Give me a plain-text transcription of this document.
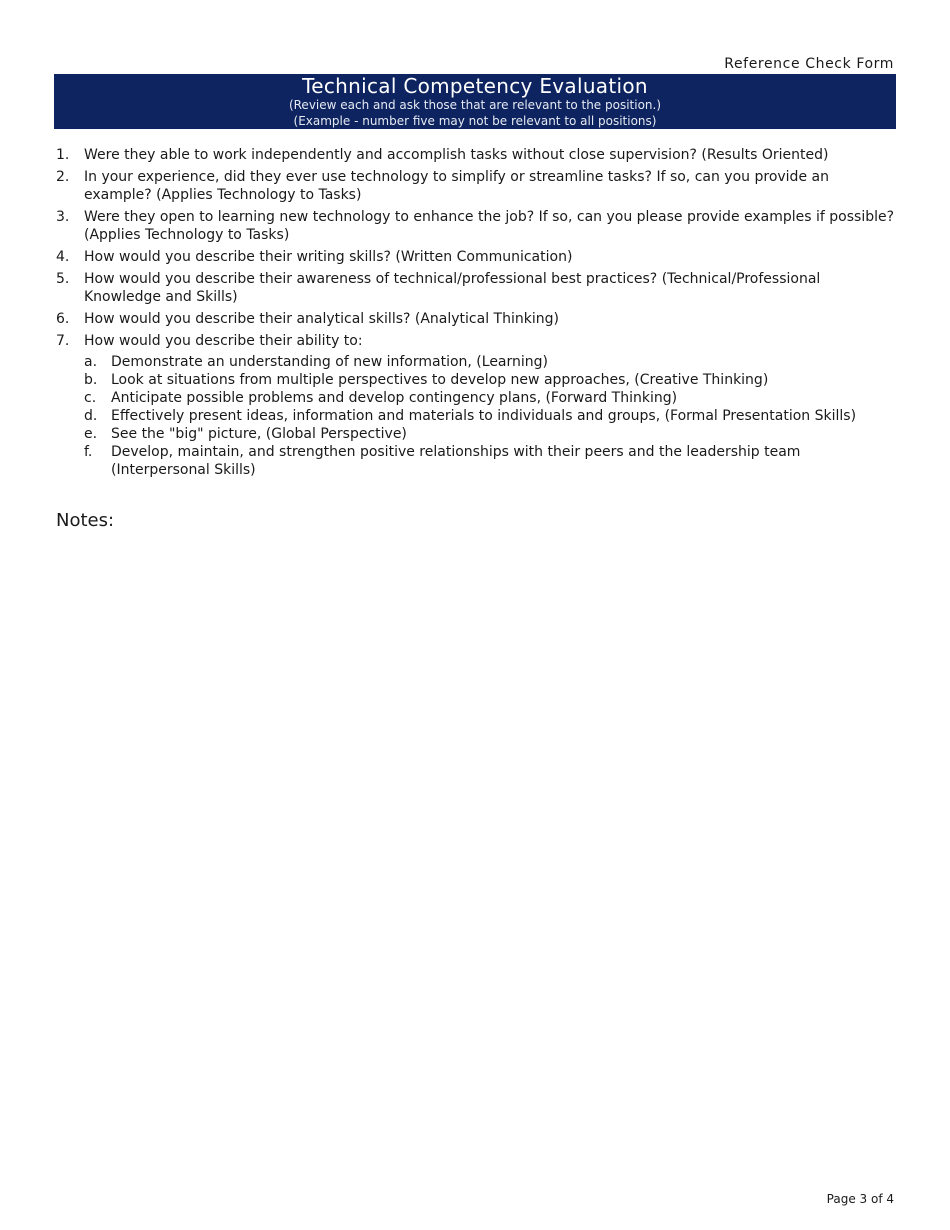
Reference Check Form
Technical Competency Evaluation
(Review each and ask those that are relevant to the position.)
(Example - number five may not be relevant to all positions)
1.	Were they able to work independently and accomplish tasks without close supervision? (Results Oriented)
2.	In your experience, did they ever use technology to simplify or streamline tasks? If so, can you provide an example? (Applies Technology to Tasks)
3.	Were they open to learning new technology to enhance the job? If so, can you please provide examples if possible? (Applies Technology to Tasks)
4.	How would you describe their writing skills? (Written Communication)
5.	How would you describe their awareness of technical/professional best practices? (Technical/Professional Knowledge and Skills)
6.	How would you describe their analytical skills? (Analytical Thinking)
7.	How would you describe their ability to:
a. Demonstrate an understanding of new information, (Learning)
b. Look at situations from multiple perspectives to develop new approaches, (Creative Thinking)
c.	Anticipate possible problems and develop contingency plans, (Forward Thinking)
d. Effectively present ideas, information and materials to individuals and groups, (Formal Presentation Skills)
e. See the "big" picture, (Global Perspective)
f.	Develop, maintain, and strengthen positive relationships with their peers and the leadership team (Interpersonal Skills)
Notes:
Page 3 of 4
